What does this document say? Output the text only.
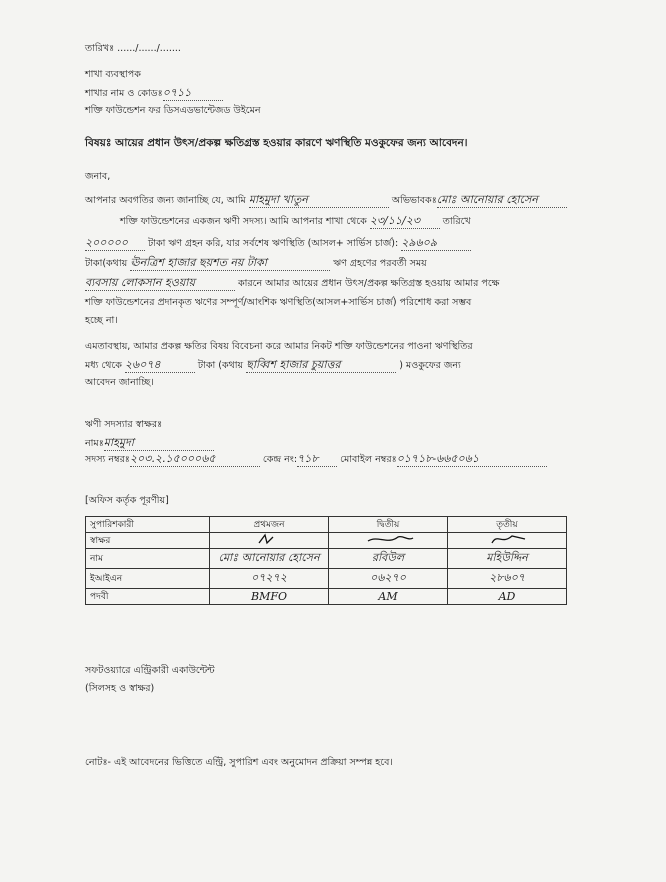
তারিখঃ ....../....../.......
শাখা ব্যবস্থাপক
শাখার নাম ও কোডঃ০৭১১
শক্তি ফাউন্ডেশন ফর ডিসএডভান্টেজড উইমেন
বিষয়ঃ আয়ের প্রধান উৎস/প্রকল্প ক্ষতিগ্রস্ত হওয়ার কারণে ঋণস্থিতি মওকুফের জন্য আবেদন।
জনাব,
আপনার অবগতির জন্য জানাচ্ছি যে, আমি মাহমুদা খাতুন	অভিভাবকঃমোঃ আনোয়ার হোসেন
শক্তি ফাউন্ডেশনের একজন ঋণী সদস্য। আমি আপনার শাখা থেকে ২৩/১১/২৩ তারিখে
২০০০০০ টাকা ঋণ গ্রহন করি, যার সর্বশেষ ঋণস্থিতি (আসল+ সার্ভিস চার্জ): ২৯৬০৯
টাকা(কথায় ঊনত্রিশ হাজার ছয়শত নয় টাকা	ঋণ গ্রহণের পরবর্তী সময়
ব্যবসায় লোকসান হওয়ায়	কারনে আমার আয়ের প্রধান উৎস/প্রকল্প ক্ষতিগ্রস্ত হওয়ায় আমার পক্ষে
শক্তি ফাউন্ডেশনের প্রদানকৃত ঋণের সম্পূর্ণ/আংশিক ঋণস্থিতি(আসল+সার্ভিস চার্জ) পরিশোধ করা সম্ভব
হচ্ছে না।
এমতাবস্থায়, আমার প্রকল্প ক্ষতির বিষয় বিবেচনা করে আমার নিকট শক্তি ফাউন্ডেশনের পাওনা ঋণস্থিতির
মধ্য থেকে ২৬০৭৪	টাকা (কথায় ছাব্বিশ হাজার চুয়াত্তর	) মওকুফের জন্য
আবেদন জানাচ্ছি।
ঋণী সদস্যার স্বাক্ষরঃ
নামঃমাহমুদা
সদস্য নম্বরঃ২০৩.২.১৫০০০৬৫	কেন্দ্র নং:৭১৮ মোবাইল নম্বরঃ০১৭১৮-৬৬৫০৬১
[অফিস কর্তৃক পূরণীয়]
সুপারিশকারী	প্রথমজন	দ্বিতীয়	তৃতীয়
স্বাক্ষর			
নাম	মোঃ আনোয়ার হোসেন	রবিউল	মহিউদ্দিন
ইআইএন	০৭২৭২	০৬২৭০	২৮৬০৭
পদবী	BMFO	AM	AD
সফটওয়্যারে এন্ট্রিকারী একাউন্টেন্ট
(সিলসহ ও স্বাক্ষর)
নোটঃ- এই আবেদনের ভিত্তিতে এন্ট্রি, সুপারিশ এবং অনুমোদন প্রক্রিয়া সম্পন্ন হবে।
